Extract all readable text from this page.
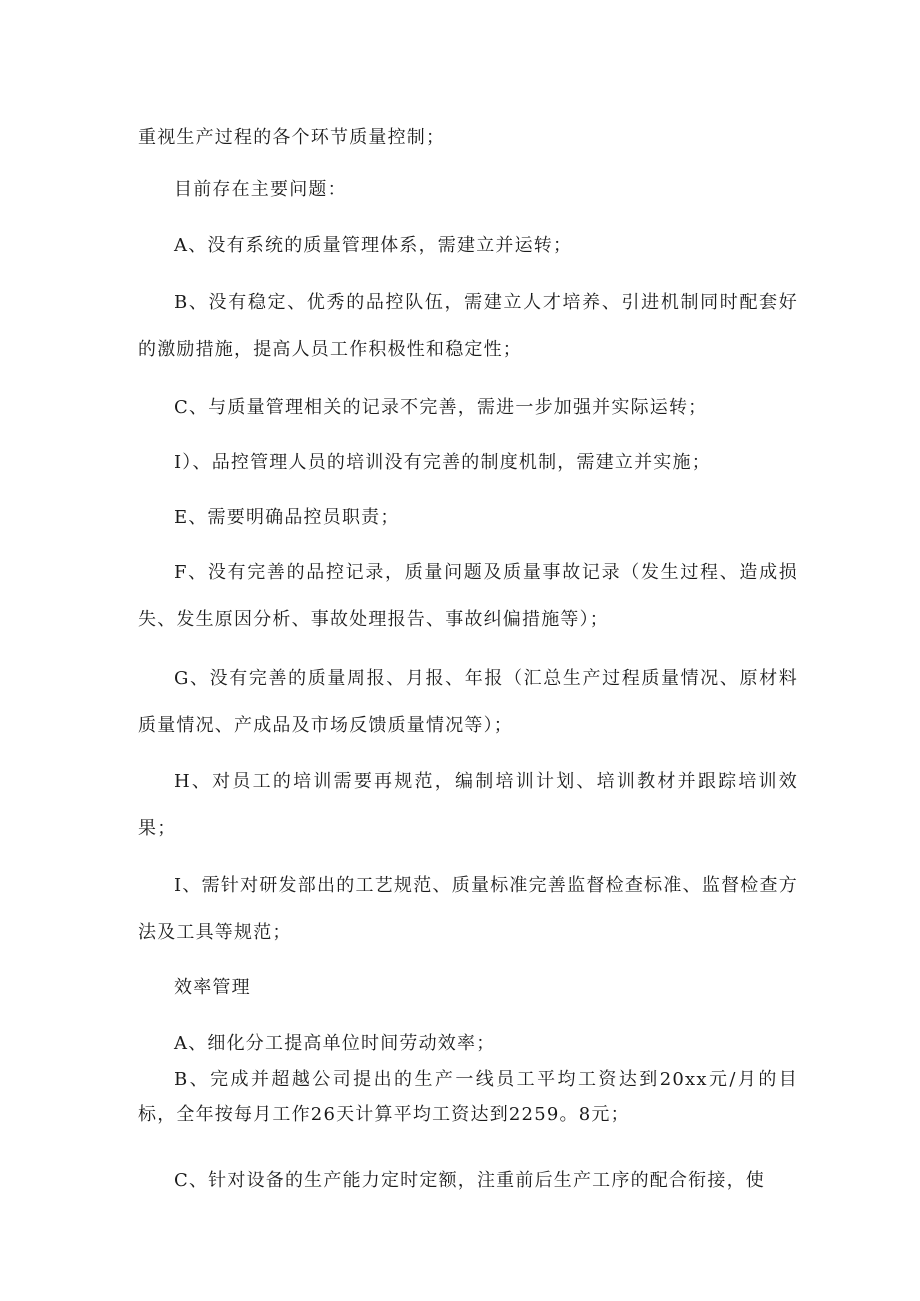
重视生产过程的各个环节质量控制；

目前存在主要问题：

A、没有系统的质量管理体系，需建立并运转；

B、没有稳定、优秀的品控队伍，需建立人才培养、引进机制同时配套好的激励措施，提高人员工作积极性和稳定性；

C、与质量管理相关的记录不完善，需进一步加强并实际运转；

I）、品控管理人员的培训没有完善的制度机制，需建立并实施；

E、需要明确品控员职责；

F、没有完善的品控记录，质量问题及质量事故记录（发生过程、造成损失、发生原因分析、事故处理报告、事故纠偏措施等）；

G、没有完善的质量周报、月报、年报（汇总生产过程质量情况、原材料质量情况、产成品及市场反馈质量情况等）；

H、对员工的培训需要再规范，编制培训计划、培训教材并跟踪培训效果；

I、需针对研发部出的工艺规范、质量标准完善监督检查标准、监督检查方法及工具等规范；

效率管理

A、细化分工提高单位时间劳动效率；

B、完成并超越公司提出的生产一线员工平均工资达到20xx元/月的目标，全年按每月工作26天计算平均工资达到2259。8元；

C、针对设备的生产能力定时定额，注重前后生产工序的配合衔接，使
